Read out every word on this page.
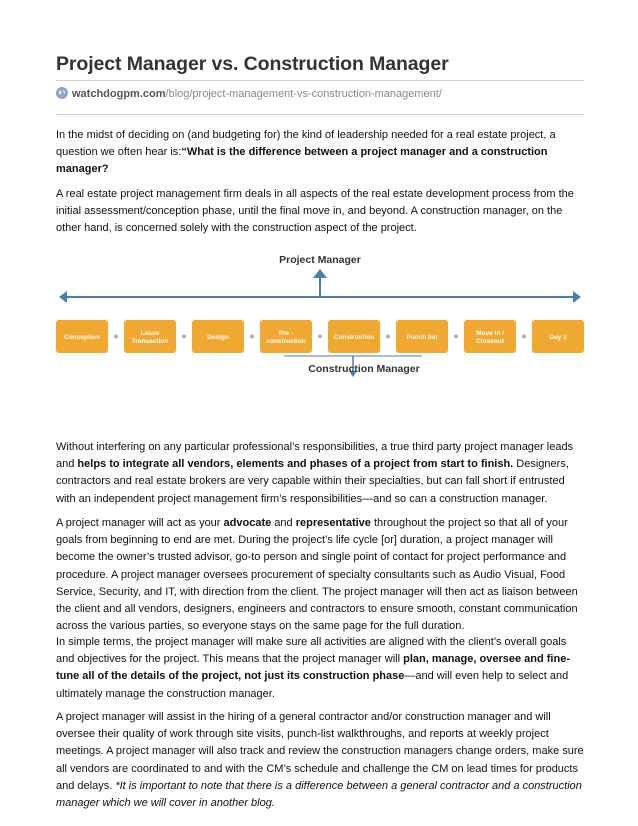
Project Manager vs. Construction Manager
watchdogpm.com/blog/project-management-vs-construction-management/

In the midst of deciding on (and budgeting for) the kind of leadership needed for a real estate project, a question we often hear is:“What is the difference between a project manager and a construction manager?

A real estate project management firm deals in all aspects of the real estate development process from the initial assessment/conception phase, until the final move in, and beyond. A construction manager, on the other hand, is concerned solely with the construction aspect of the project.

Project Manager
Conception
Lease Transaction
Design
Pre -construction
Construction	Punch list
Move In / Closeout
Day 2
Construction Manager

Without interfering on any particular professional’s responsibilities, a true third party project manager leads and helps to integrate all vendors, elements and phases of a project from start to finish. Designers, contractors and real estate brokers are very capable within their specialties, but can fall short if entrusted with an independent project management firm’s responsibilities—and so can a construction manager.

A project manager will act as your advocate and representative throughout the project so that all of your goals from beginning to end are met. During the project’s life cycle [or] duration, a project manager will become the owner’s trusted advisor, go-to person and single point of contact for project performance and procedure. A project manager oversees procurement of specialty consultants such as Audio Visual, Food Service, Security, and IT, with direction from the client. The project manager will then act as liaison between the client and all vendors, designers, engineers and contractors to ensure smooth, constant communication across the various parties, so everyone stays on the same page for the full duration.

In simple terms, the project manager will make sure all activities are aligned with the client’s overall goals and objectives for the project. This means that the project manager will plan, manage, oversee and fine-tune all of the details of the project, not just its construction phase—and will even help to select and ultimately manage the construction manager.

A project manager will assist in the hiring of a general contractor and/or construction manager and will oversee their quality of work through site visits, punch-list walkthroughs, and reports at weekly project meetings. A project manager will also track and review the construction managers change orders, make sure all vendors are coordinated to and with the CM’s schedule and challenge the CM on lead times for products and delays. *It is important to note that there is a difference between a general contractor and a construction manager which we will cover in another blog.
